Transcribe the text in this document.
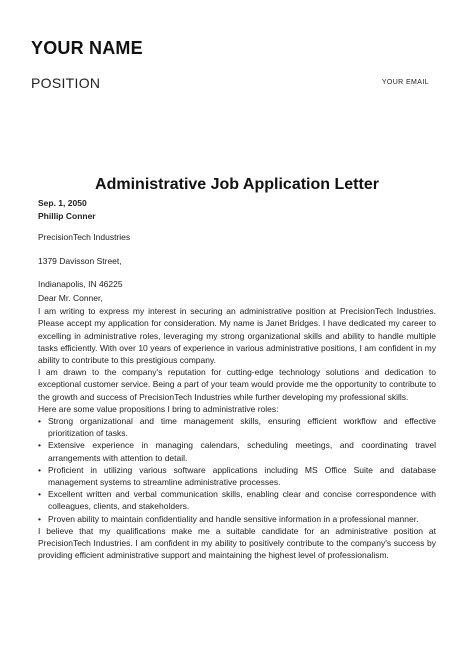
YOUR NAME
POSITION	YOUR EMAIL
Administrative Job Application Letter
Sep. 1, 2050
Phillip Conner
PrecisionTech Industries
1379 Davisson Street,
Indianapolis, IN 46225
Dear Mr. Conner,

I am writing to express my interest in securing an administrative position at PrecisionTech Industries. Please accept my application for consideration. My name is Janet Bridges. I have dedicated my career to excelling in administrative roles, leveraging my strong organizational skills and ability to handle multiple tasks efficiently. With over 10 years of experience in various administrative positions, I am confident in my ability to contribute to this prestigious company.

I am drawn to the company's reputation for cutting-edge technology solutions and dedication to exceptional customer service. Being a part of your team would provide me the opportunity to contribute to the growth and success of PrecisionTech Industries while further developing my professional skills.

Here are some value propositions I bring to administrative roles:

• Strong organizational and time management skills, ensuring efficient workflow and effective prioritization of tasks.
• Extensive experience in managing calendars, scheduling meetings, and coordinating travel arrangements with attention to detail.
• Proficient in utilizing various software applications including MS Office Suite and database management systems to streamline administrative processes.
• Excellent written and verbal communication skills, enabling clear and concise correspondence with colleagues, clients, and stakeholders.
• Proven ability to maintain confidentiality and handle sensitive information in a professional manner.

I believe that my qualifications make me a suitable candidate for an administrative position at PrecisionTech Industries. I am confident in my ability to positively contribute to the company's success by providing efficient administrative support and maintaining the highest level of professionalism.
